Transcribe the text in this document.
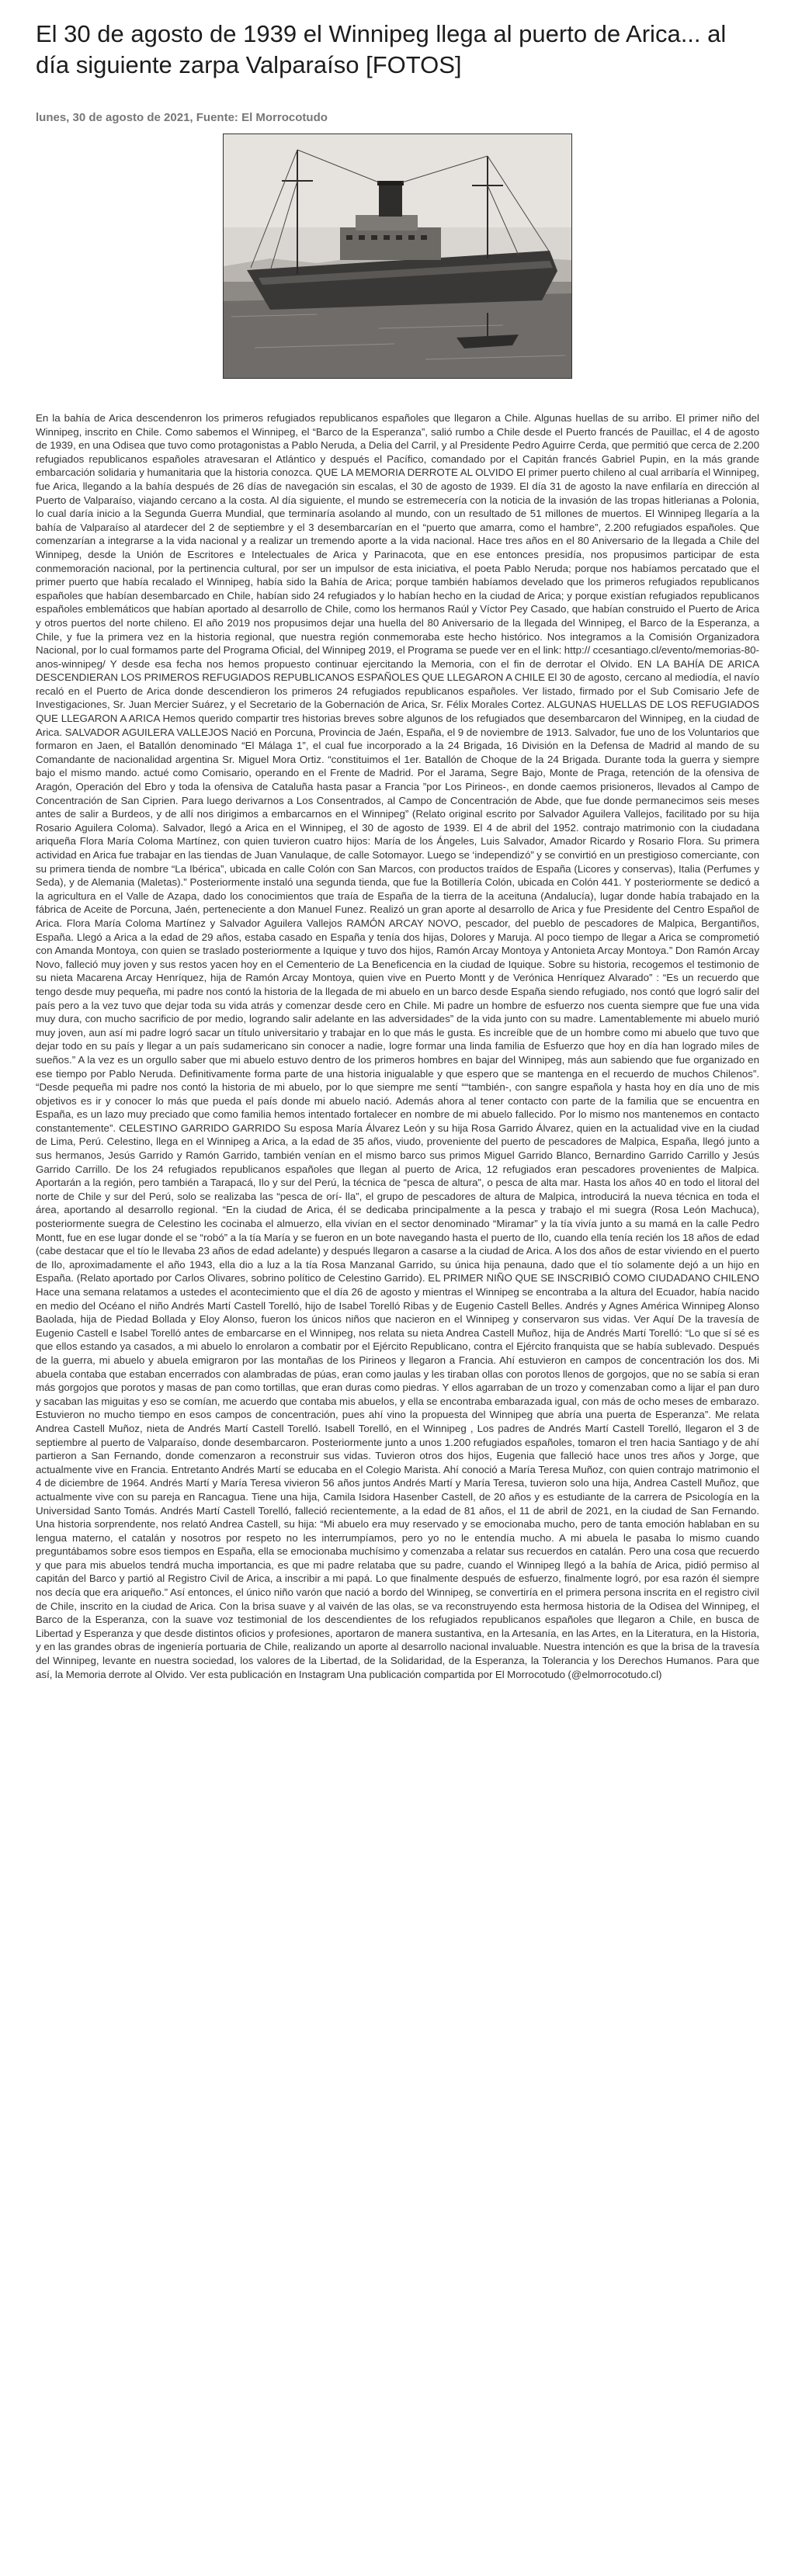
El 30 de agosto de 1939 el Winnipeg llega al puerto de Arica... al día siguiente zarpa Valparaíso [FOTOS]
lunes, 30 de agosto de 2021, Fuente: El Morrocotudo
En la bahía de Arica descendenron los primeros refugiados republicanos españoles que llegaron a Chile. Algunas huellas de su arribo. El primer niño del Winnipeg, inscrito en Chile. Como sabemos el Winnipeg, el “Barco de la Esperanza”, salió rumbo a Chile desde el Puerto francés de Pauillac, el 4 de agosto de 1939, en una Odisea que tuvo como protagonistas a Pablo Neruda, a Delia del Carril, y al Presidente Pedro Aguirre Cerda, que permitió que cerca de 2.200 refugiados republicanos españoles atravesaran el Atlántico y después el Pacífico, comandado por el Capitán francés Gabriel Pupin, en la más grande embarcación solidaria y humanitaria que la historia conozca. QUE LA MEMORIA DERROTE AL OLVIDO El primer puerto chileno al cual arribaría el Winnipeg, fue Arica, llegando a la bahía después de 26 días de navegación sin escalas, el 30 de agosto de 1939. El día 31 de agosto la nave enfilaría en dirección al Puerto de Valparaíso, viajando cercano a la costa. Al día siguiente, el mundo se estremecería con la noticia de la invasión de las tropas hitlerianas a Polonia, lo cual daría inicio a la Segunda Guerra Mundial, que terminaría asolando al mundo, con un resultado de 51 millones de muertos. El Winnipeg llegaría a la bahía de Valparaíso al atardecer del 2 de septiembre y el 3 desembarcarían en el “puerto que amarra, como el hambre”, 2.200 refugiados españoles. Que comenzarían a integrarse a la vida nacional y a realizar un tremendo aporte a la vida nacional. Hace tres años en el 80 Aniversario de la llegada a Chile del Winnipeg, desde la Unión de Escritores e Intelectuales de Arica y Parinacota, que en ese entonces presidía, nos propusimos participar de esta conmemoración nacional, por la pertinencia cultural, por ser un impulsor de esta iniciativa, el poeta Pablo Neruda; porque nos habíamos percatado que el primer puerto que había recalado el Winnipeg, había sido la Bahía de Arica; porque también habíamos develado que los primeros refugiados republicanos españoles que habían desembarcado en Chile, habían sido 24 refugiados y lo habían hecho en la ciudad de Arica; y porque existían refugiados republicanos españoles emblemáticos que habían aportado al desarrollo de Chile, como los hermanos Raúl y Víctor Pey Casado, que habían construido el Puerto de Arica y otros puertos del norte chileno. El año 2019 nos propusimos dejar una huella del 80 Aniversario de la llegada del Winnipeg, el Barco de la Esperanza, a Chile, y fue la primera vez en la historia regional, que nuestra región conmemoraba este hecho histórico. Nos integramos a la Comisión Organizadora Nacional, por lo cual formamos parte del Programa Oficial, del Winnipeg 2019, el Programa se puede ver en el link: http:// ccesantiago.cl/evento/memorias-80-anos-winnipeg/ Y desde esa fecha nos hemos propuesto continuar ejercitando la Memoria, con el fin de derrotar el Olvido. EN LA BAHÍA DE ARICA DESCENDIERAN LOS PRIMEROS REFUGIADOS REPUBLICANOS ESPAÑOLES QUE LLEGARON A CHILE El 30 de agosto, cercano al mediodía, el navío recaló en el Puerto de Arica donde descendieron los primeros 24 refugiados republicanos españoles. Ver listado, firmado por el Sub Comisario Jefe de Investigaciones, Sr. Juan Mercier Suárez, y el Secretario de la Gobernación de Arica, Sr. Félix Morales Cortez. ALGUNAS HUELLAS DE LOS REFUGIADOS QUE LLEGARON A ARICA Hemos querido compartir tres historias breves sobre algunos de los refugiados que desembarcaron del Winnipeg, en la ciudad de Arica. SALVADOR AGUILERA VALLEJOS Nació en Porcuna, Provincia de Jaén, España, el 9 de noviembre de 1913. Salvador, fue uno de los Voluntarios que formaron en Jaen, el Batallón denominado “El Málaga 1”, el cual fue incorporado a la 24 Brigada, 16 División en la Defensa de Madrid al mando de su Comandante de nacionalidad argentina Sr. Miguel Mora Ortiz. “constituimos el 1er. Batallón de Choque de la 24 Brigada. Durante toda la guerra y siempre bajo el mismo mando. actué como Comisario, operando en el Frente de Madrid. Por el Jarama, Segre Bajo, Monte de Praga, retención de la ofensiva de Aragón, Operación del Ebro y toda la ofensiva de Cataluña hasta pasar a Francia ”por Los Pirineos-, en donde caemos prisioneros, llevados al Campo de Concentración de San Ciprien. Para luego derivarnos a Los Consentrados, al Campo de Concentración de Abde, que fue donde permanecimos seis meses antes de salir a Burdeos, y de allí nos dirigimos a embarcarnos en el Winnipeg” (Relato original escrito por Salvador Aguilera Vallejos, facilitado por su hija Rosario Aguilera Coloma). Salvador, llegó a Arica en el Winnipeg, el 30 de agosto de 1939. El 4 de abril del 1952. contrajo matrimonio con la ciudadana ariqueña Flora María Coloma Martínez, con quien tuvieron cuatro hijos: María de los Ángeles, Luis Salvador, Amador Ricardo y Rosario Flora. Su primera actividad en Arica fue trabajar en las tiendas de Juan Vanulaque, de calle Sotomayor. Luego se ‘independizó” y se convirtió en un prestigioso comerciante, con su primera tienda de nombre “La Ibérica”, ubicada en calle Colón con San Marcos, con productos traídos de España (Licores y conservas), Italia (Perfumes y Seda), y de Alemania (Maletas).” Posteriormente instaló una segunda tienda, que fue la Botillería Colón, ubicada en Colón 441. Y posteriormente se dedicó a la agricultura en el Valle de Azapa, dado los conocimientos que traía de España de la tierra de la aceituna (Andalucía), lugar donde había trabajado en la fábrica de Aceite de Porcuna, Jaén, perteneciente a don Manuel Funez. Realizó un gran aporte al desarrollo de Arica y fue Presidente del Centro Español de Arica. Flora María Coloma Martínez y Salvador Aguilera Vallejos RAMÓN ARCAY NOVO, pescador, del pueblo de pescadores de Malpica, Bergantiños, España. Llegó a Arica a la edad de 29 años, estaba casado en España y tenía dos hijas, Dolores y Maruja. Al poco tiempo de llegar a Arica se comprometió con Amanda Montoya, con quien se traslado posteriormente a Iquique y tuvo dos hijos, Ramón Arcay Montoya y Antonieta Arcay Montoya.” Don Ramón Arcay Novo, falleció muy joven y sus restos yacen hoy en el Cementerio de La Beneficencia en la ciudad de Iquique. Sobre su historia, recogemos el testimonio de su nieta Macarena Arcay Henríquez, hija de Ramón Arcay Montoya, quien vive en Puerto Montt y de Verónica Henríquez Alvarado” : “Es un recuerdo que tengo desde muy pequeña, mi padre nos contó la historia de la llegada de mi abuelo en un barco desde España siendo refugiado, nos contó que logró salir del país pero a la vez tuvo que dejar toda su vida atrás y comenzar desde cero en Chile. Mi padre un hombre de esfuerzo nos cuenta siempre que fue una vida muy dura, con mucho sacrificio de por medio, logrando salir adelante en las adversidades” de la vida junto con su madre. Lamentablemente mi abuelo murió muy joven, aun así mi padre logró sacar un título universitario y trabajar en lo que más le gusta. Es increíble que de un hombre como mi abuelo que tuvo que dejar todo en su país y llegar a un país sudamericano sin conocer a nadie, logre formar una linda familia de Esfuerzo que hoy en día han logrado miles de sueños.” A la vez es un orgullo saber que mi abuelo estuvo dentro de los primeros hombres en bajar del Winnipeg, más aun sabiendo que fue organizado en ese tiempo por Pablo Neruda. Definitivamente forma parte de una historia inigualable y que espero que se mantenga en el recuerdo de muchos Chilenos”. “Desde pequeña mi padre nos contó la historia de mi abuelo, por lo que siempre me sentí ““también-, con sangre española y hasta hoy en día uno de mis objetivos es ir y conocer lo más que pueda el país donde mi abuelo nació. Además ahora al tener contacto con parte de la familia que se encuentra en España, es un lazo muy preciado que como familia hemos intentado fortalecer en nombre de mi abuelo fallecido. Por lo mismo nos mantenemos en contacto constantemente”. CELESTINO GARRIDO GARRIDO Su esposa María Álvarez León y su hija Rosa Garrido Álvarez, quien en la actualidad vive en la ciudad de Lima, Perú. Celestino, llega en el Winnipeg a Arica, a la edad de 35 años, viudo, proveniente del puerto de pescadores de Malpica, España, llegó junto a sus hermanos, Jesús Garrido y Ramón Garrido, también venían en el mismo barco sus primos Miguel Garrido Blanco, Bernardino Garrido Carrillo y Jesús Garrido Carrillo. De los 24 refugiados republicanos españoles que llegan al puerto de Arica, 12 refugiados eran pescadores provenientes de Malpica. Aportarán a la región, pero también a Tarapacá, Ilo y sur del Perú, la técnica de “pesca de altura”, o pesca de alta mar. Hasta los años 40 en todo el litoral del norte de Chile y sur del Perú, solo se realizaba las “pesca de orí- lla”, el grupo de pescadores de altura de Malpica, introducirá la nueva técnica en toda el área, aportando al desarrollo regional. “En la ciudad de Arica, él se dedicaba principalmente a la pesca y trabajo el mi suegra (Rosa León Machuca), posteriormente suegra de Celestino les cocinaba el almuerzo, ella vivían en el sector denominado “Miramar” y la tía vivía junto a su mamá en la calle Pedro Montt, fue en ese lugar donde el se “robó” a la tía María y se fueron en un bote navegando hasta el puerto de Ilo, cuando ella tenía recién los 18 años de edad (cabe destacar que el tío le llevaba 23 años de edad adelante) y después llegaron a casarse a la ciudad de Arica. A los dos años de estar viviendo en el puerto de Ilo, aproximadamente el año 1943, ella dio a luz a la tía Rosa Manzanal Garrido, su única hija penauna, dado que el tío solamente dejó a un hijo en España. (Relato aportado por Carlos Olivares, sobrino político de Celestino Garrido). EL PRIMER NIÑO QUE SE INSCRIBIÓ COMO CIUDADANO CHILENO Hace una semana relatamos a ustedes el acontecimiento que el día 26 de agosto y mientras el Winnipeg se encontraba a la altura del Ecuador, había nacido en medio del Océano el niño Andrés Martí Castell Torelló, hijo de Isabel Torelló Ribas y de Eugenio Castell Belles. Andrés y Agnes América Winnipeg Alonso Baolada, hija de Piedad Bollada y Eloy Alonso, fueron los únicos niños que nacieron en el Winnipeg y conservaron sus vidas. Ver Aquí De la travesía de Eugenio Castell e Isabel Torelló antes de embarcarse en el Winnipeg, nos relata su nieta Andrea Castell Muñoz, hija de Andrés Martí Torelló: “Lo que sí sé es que ellos estando ya casados, a mi abuelo lo enrolaron a combatir por el Ejército Republicano, contra el Ejército franquista que se había sublevado. Después de la guerra, mi abuelo y abuela emigraron por las montañas de los Pirineos y llegaron a Francia. Ahí estuvieron en campos de concentración los dos. Mi abuela contaba que estaban encerrados con alambradas de púas, eran como jaulas y les tiraban ollas con porotos llenos de gorgojos, que no se sabía si eran más gorgojos que porotos y masas de pan como tortillas, que eran duras como piedras. Y ellos agarraban de un trozo y comenzaban como a lijar el pan duro y sacaban las miguitas y eso se comían, me acuerdo que contaba mis abuelos, y ella se encontraba embarazada igual, con más de ocho meses de embarazo. Estuvieron no mucho tiempo en esos campos de concentración, pues ahí vino la propuesta del Winnipeg que abría una puerta de Esperanza”. Me relata Andrea Castell Muñoz, nieta de Andrés Martí Castell Torelló. Isabell Torelló, en el Winnipeg , Los padres de Andrés Martí Castell Torelló, llegaron el 3 de septiembre al puerto de Valparaíso, donde desembarcaron. Posteriormente junto a unos 1.200 refugiados españoles, tomaron el tren hacia Santiago y de ahí partieron a San Fernando, donde comenzaron a reconstruir sus vidas. Tuvieron otros dos hijos, Eugenia que falleció hace unos tres años y Jorge, que actualmente vive en Francia. Entretanto Andrés Martí se educaba en el Colegio Marista. Ahí conoció a María Teresa Muñoz, con quien contrajo matrimonio el 4 de diciembre de 1964. Andrés Martí y María Teresa vivieron 56 años juntos Andrés Martí y María Teresa, tuvieron solo una hija, Andrea Castell Muñoz, que actualmente vive con su pareja en Rancagua. Tiene una hija, Camila Isidora Hasenber Castell, de 20 años y es estudiante de la carrera de Psicología en la Universidad Santo Tomás. Andrés Martí Castell Torelló, falleció recientemente, a la edad de 81 años, el 11 de abril de 2021, en la ciudad de San Fernando. Una historia sorprendente, nos relató Andrea Castell, su hija: “Mi abuelo era muy reservado y se emocionaba mucho, pero de tanta emoción hablaban en su lengua materno, el catalán y nosotros por respeto no les interrumpíamos, pero yo no le entendía mucho. A mi abuela le pasaba lo mismo cuando preguntábamos sobre esos tiempos en España, ella se emocionaba muchísimo y comenzaba a relatar sus recuerdos en catalán. Pero una cosa que recuerdo y que para mis abuelos tendrá mucha importancia, es que mi padre relataba que su padre, cuando el Winnipeg llegó a la bahía de Arica, pidió permiso al capitán del Barco y partió al Registro Civil de Arica, a inscribir a mi papá. Lo que finalmente después de esfuerzo, finalmente logró, por esa razón él siempre nos decía que era ariqueño.” Así entonces, el único niño varón que nació a bordo del Winnipeg, se convertiría en el primera persona inscrita en el registro civil de Chile, inscrito en la ciudad de Arica. Con la brisa suave y al vaivén de las olas, se va reconstruyendo esta hermosa historia de la Odisea del Winnipeg, el Barco de la Esperanza, con la suave voz testimonial de los descendientes de los refugiados republicanos españoles que llegaron a Chile, en busca de Libertad y Esperanza y que desde distintos oficios y profesiones, aportaron de manera sustantiva, en la Artesanía, en las Artes, en la Literatura, en la Historia, y en las grandes obras de ingeniería portuaria de Chile, realizando un aporte al desarrollo nacional invaluable. Nuestra intención es que la brisa de la travesía del Winnipeg, levante en nuestra sociedad, los valores de la Libertad, de la Solidaridad, de la Esperanza, la Tolerancia y los Derechos Humanos. Para que así, la Memoria derrote al Olvido. Ver esta publicación en Instagram Una publicación compartida por El Morrocotudo (@elmorrocotudo.cl)
